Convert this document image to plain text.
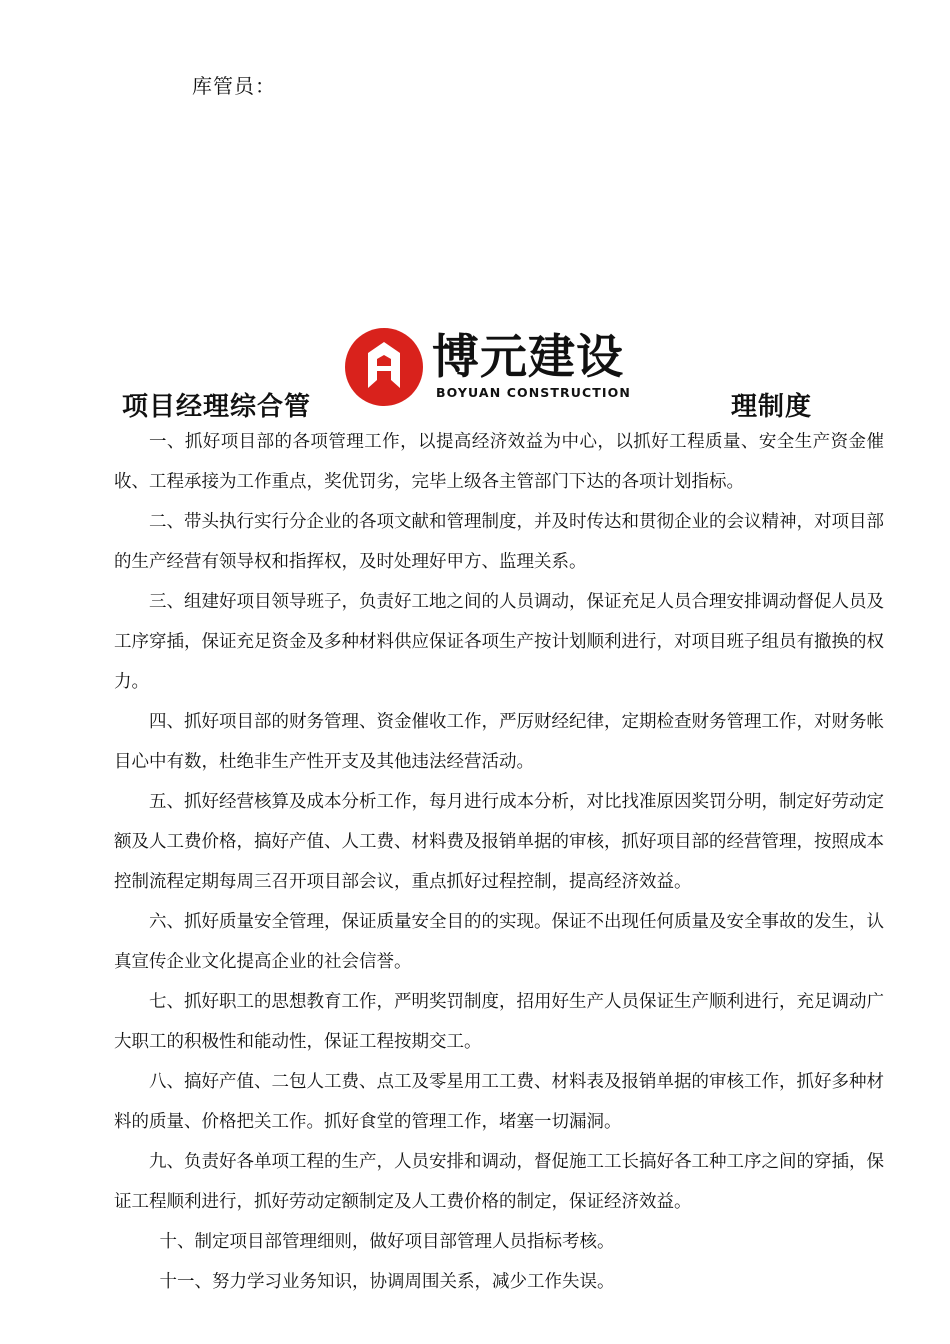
库管员：
项目经理综合管
博元建设
BOYUAN CONSTRUCTION	理制度

一、抓好项目部的各项管理工作，以提高经济效益为中心，以抓好工程质量、安全生产资金催收、工程承接为工作重点，奖优罚劣，完毕上级各主管部门下达的各项计划指标。

二、带头执行实行分企业的各项文献和管理制度，并及时传达和贯彻企业的会议精神，对项目部的生产经营有领导权和指挥权，及时处理好甲方、监理关系。

三、组建好项目领导班子，负责好工地之间的人员调动，保证充足人员合理安排调动督促人员及工序穿插，保证充足资金及多种材料供应保证各项生产按计划顺利进行，对项目班子组员有撤换的权力。

四、抓好项目部的财务管理、资金催收工作，严厉财经纪律，定期检查财务管理工作，对财务帐目心中有数，杜绝非生产性开支及其他违法经营活动。

五、抓好经营核算及成本分析工作，每月进行成本分析，对比找准原因奖罚分明，制定好劳动定额及人工费价格，搞好产值、人工费、材料费及报销单据的审核，抓好项目部的经营管理，按照成本控制流程定期每周三召开项目部会议，重点抓好过程控制，提高经济效益。

六、抓好质量安全管理，保证质量安全目的的实现。保证不出现任何质量及安全事故的发生，认真宣传企业文化提高企业的社会信誉。

七、抓好职工的思想教育工作，严明奖罚制度，招用好生产人员保证生产顺利进行，充足调动广大职工的积极性和能动性，保证工程按期交工。

八、搞好产值、二包人工费、点工及零星用工工费、材料表及报销单据的审核工作，抓好多种材料的质量、价格把关工作。抓好食堂的管理工作，堵塞一切漏洞。

九、负责好各单项工程的生产，人员安排和调动，督促施工工长搞好各工种工序之间的穿插，保证工程顺利进行，抓好劳动定额制定及人工费价格的制定，保证经济效益。

十、制定项目部管理细则，做好项目部管理人员指标考核。

十一、努力学习业务知识，协调周围关系，减少工作失误。
